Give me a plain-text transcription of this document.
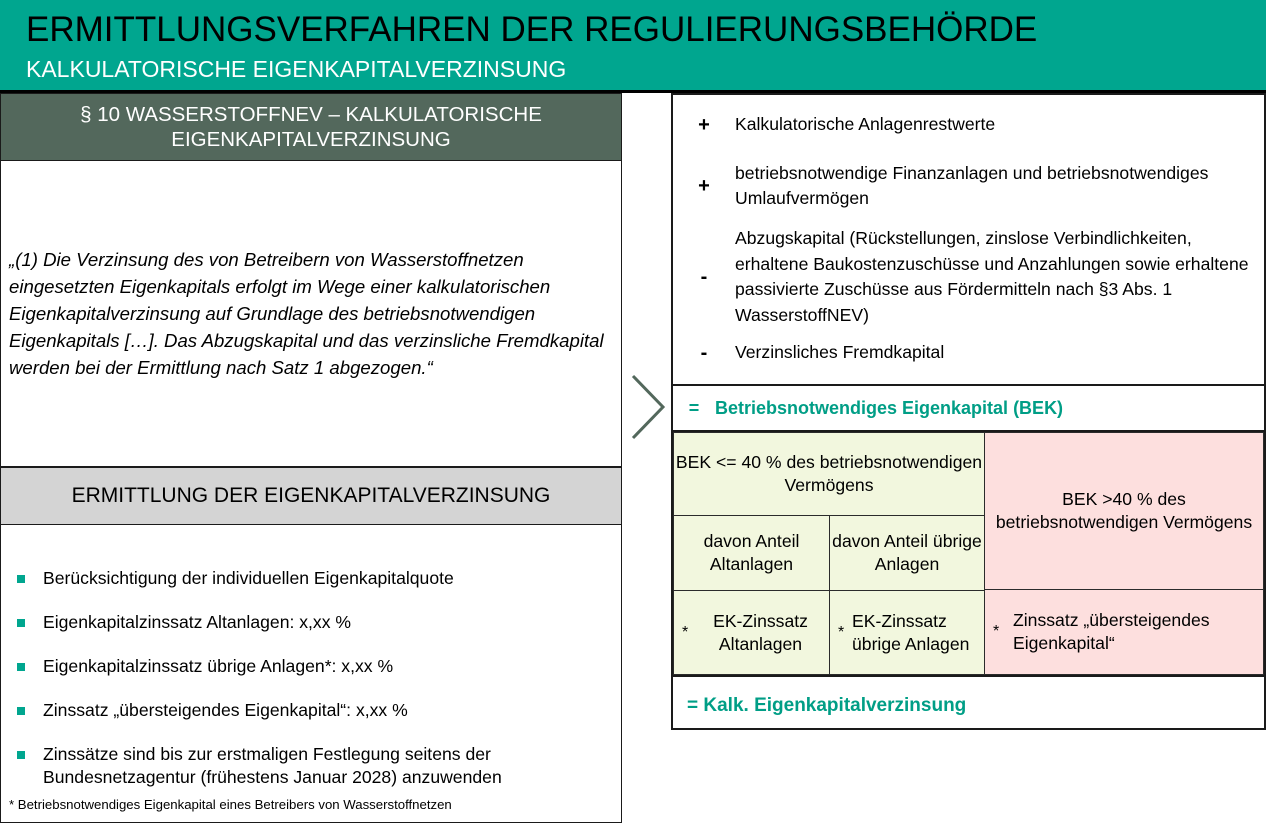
ERMITTLUNGSVERFAHREN DER REGULIERUNGSBEHÖRDE
KALKULATORISCHE EIGENKAPITALVERZINSUNG
§ 10 WASSERSTOFFNEV – KALKULATORISCHE EIGENKAPITALVERZINSUNG

„(1) Die Verzinsung des von Betreibern von Wasserstoffnetzen eingesetzten Eigenkapitals erfolgt im Wege einer kalkulatorischen Eigenkapitalverzinsung auf Grundlage des betriebsnotwendigen Eigenkapitals […]. Das Abzugskapital und das verzinsliche Fremdkapital werden bei der Ermittlung nach Satz 1 abgezogen.“

ERMITTLUNG DER EIGENKAPITALVERZINSUNG
Berücksichtigung der individuellen Eigenkapitalquote
Eigenkapitalzinssatz Altanlagen: x,xx %
Eigenkapitalzinssatz übrige Anlagen*: x,xx %
Zinssatz „übersteigendes Eigenkapital“: x,xx %
Zinssätze sind bis zur erstmaligen Festlegung seitens der Bundesnetzagentur (frühestens Januar 2028) anzuwenden
* Betriebsnotwendiges Eigenkapital eines Betreibers von Wasserstoffnetzen
+	Kalkulatorische Anlagenrestwerte
+
betriebsnotwendige Finanzanlagen und betriebsnotwendiges Umlaufvermögen
-
Abzugskapital (Rückstellungen, zinslose Verbindlichkeiten, erhaltene Baukostenzuschüsse und Anzahlungen sowie erhaltene passivierte Zuschüsse aus Fördermitteln nach §3 Abs. 1 WasserstoffNEV)
-	Verzinsliches Fremdkapital
= Betriebsnotwendiges Eigenkapital (BEK)
BEK <= 40 % des betriebsnotwendigen Vermögens
BEK >40 % des betriebsnotwendigen Vermögens
davon Anteil Altanlagen
davon Anteil übrige Anlagen
*
EK-Zinssatz Altanlagen
*
EK-Zinssatz übrige Anlagen
*
Zinssatz „übersteigendes Eigenkapital“
= Kalk. Eigenkapitalverzinsung
